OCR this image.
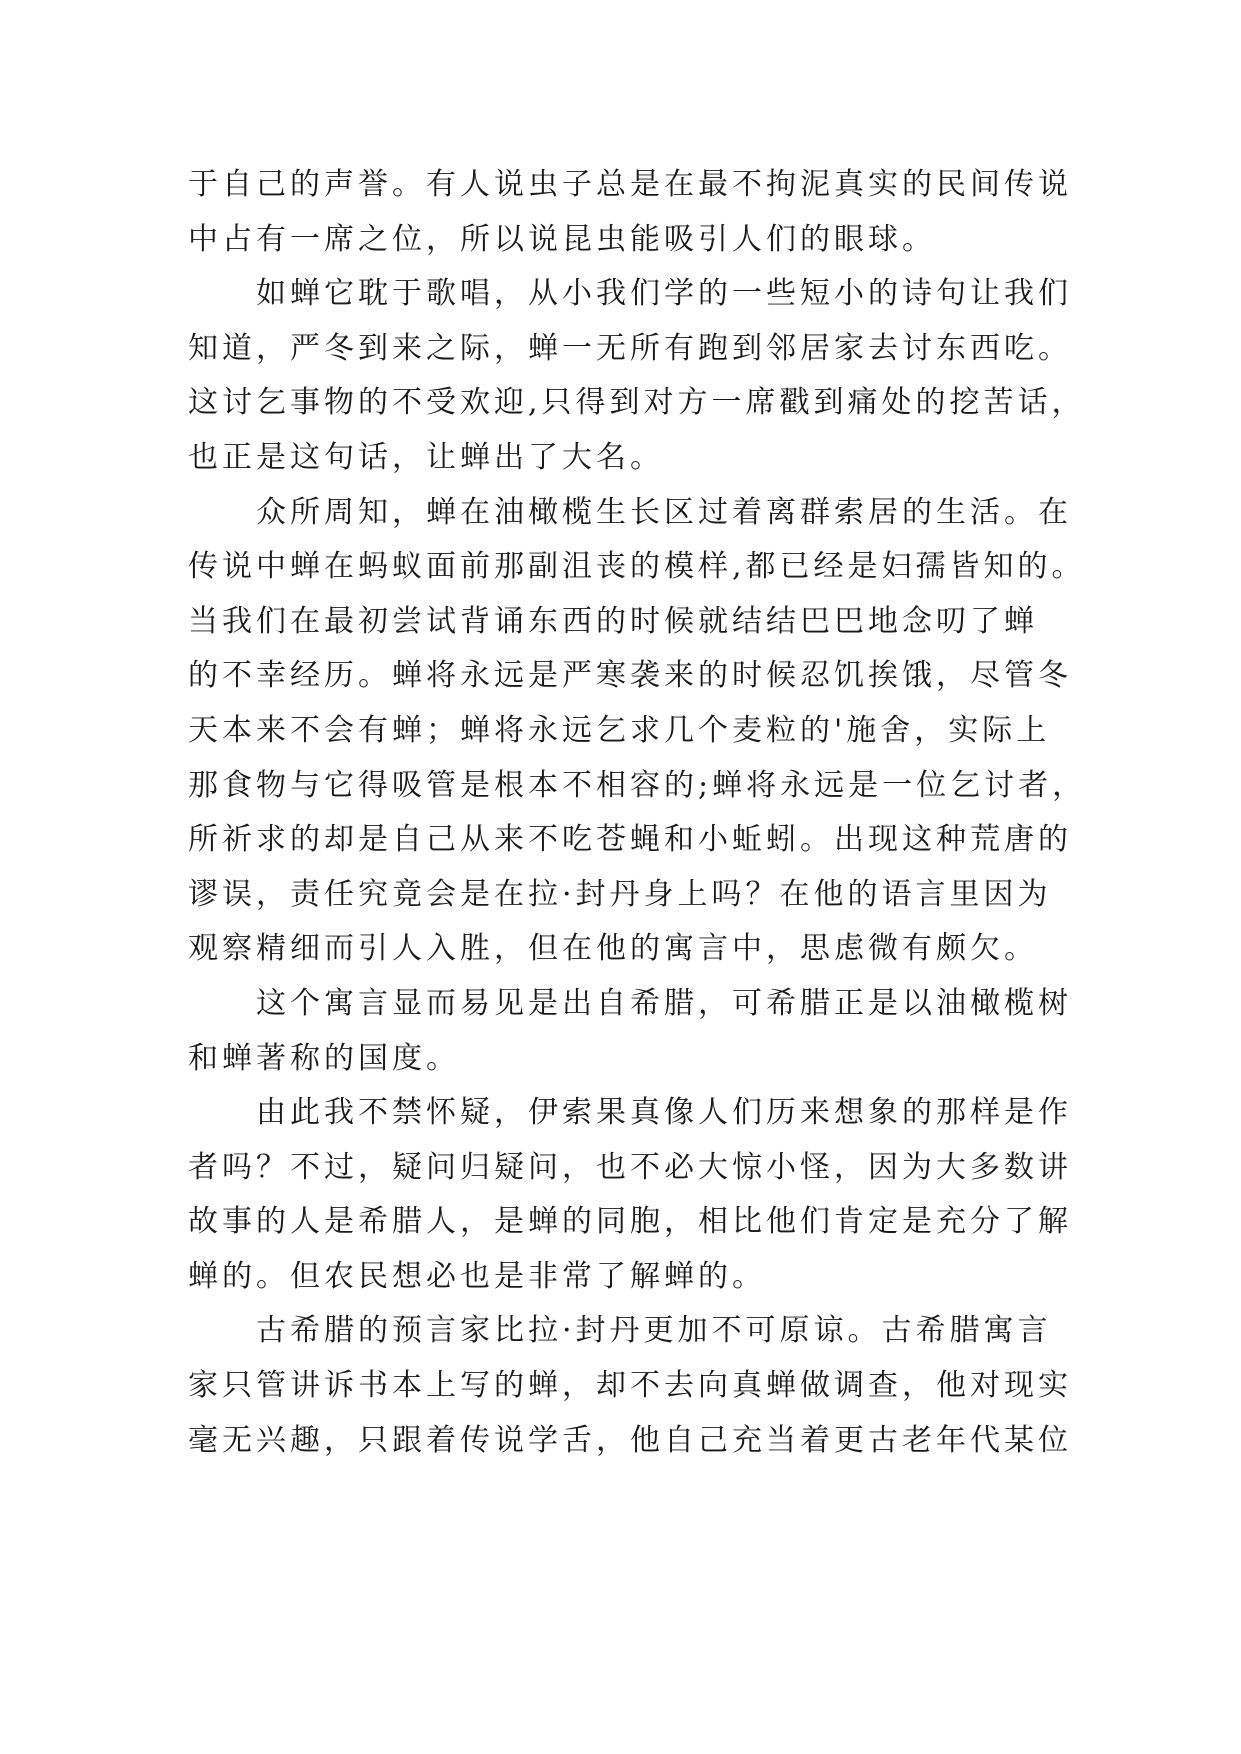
于自己的声誉。有人说虫子总是在最不拘泥真实的民间传说
中占有一席之位，所以说昆虫能吸引人们的眼球。
如蝉它耽于歌唱，从小我们学的一些短小的诗句让我们
知道，严冬到来之际，蝉一无所有跑到邻居家去讨东西吃。
这讨乞事物的不受欢迎,只得到对方一席戳到痛处的挖苦话，
也正是这句话，让蝉出了大名。
众所周知，蝉在油橄榄生长区过着离群索居的生活。在
传说中蝉在蚂蚁面前那副沮丧的模样,都已经是妇孺皆知的。
当我们在最初尝试背诵东西的时候就结结巴巴地念叨了蝉
的不幸经历。蝉将永远是严寒袭来的时候忍饥挨饿，尽管冬
天本来不会有蝉；蝉将永远乞求几个麦粒的'施舍，实际上
那食物与它得吸管是根本不相容的;蝉将永远是一位乞讨者，
所祈求的却是自己从来不吃苍蝇和小蚯蚓。出现这种荒唐的
谬误，责任究竟会是在拉·封丹身上吗？在他的语言里因为
观察精细而引人入胜，但在他的寓言中，思虑微有颇欠。
这个寓言显而易见是出自希腊，可希腊正是以油橄榄树
和蝉著称的国度。
由此我不禁怀疑，伊索果真像人们历来想象的那样是作
者吗？不过，疑问归疑问，也不必大惊小怪，因为大多数讲
故事的人是希腊人，是蝉的同胞，相比他们肯定是充分了解
蝉的。但农民想必也是非常了解蝉的。
古希腊的预言家比拉·封丹更加不可原谅。古希腊寓言
家只管讲诉书本上写的蝉，却不去向真蝉做调查，他对现实
毫无兴趣，只跟着传说学舌，他自己充当着更古老年代某位
